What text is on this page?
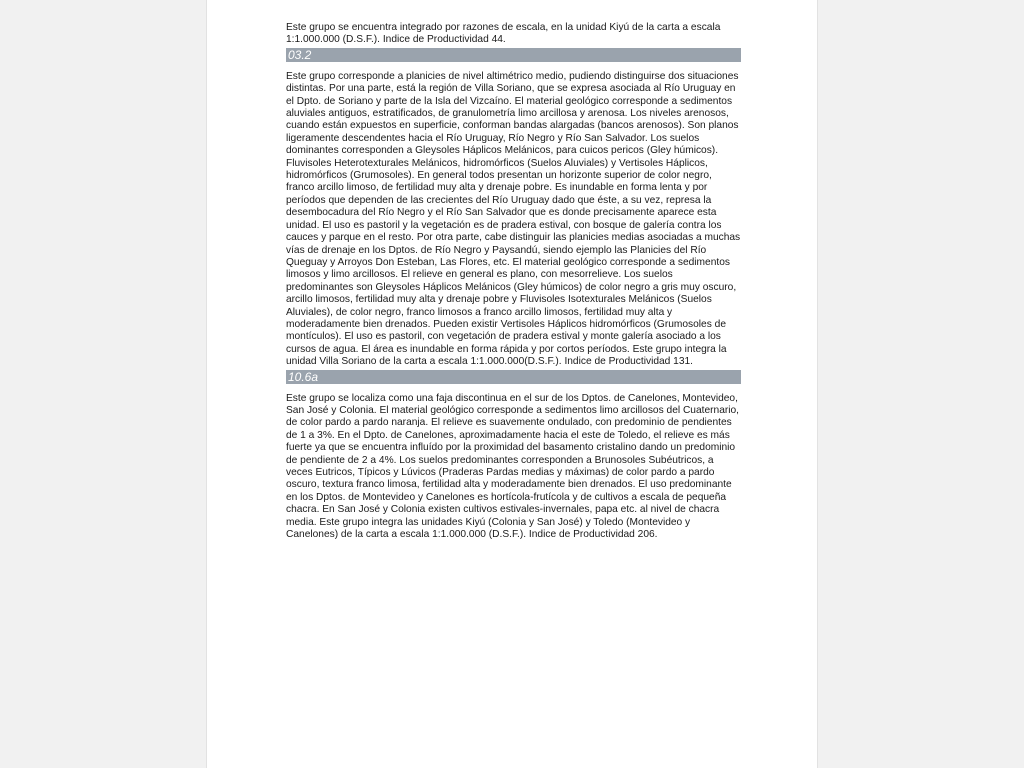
Este grupo se encuentra integrado por razones de escala, en la unidad Kiyú de la carta a escala 1:1.000.000 (D.S.F.). Indice de Productividad 44.

03.2

Este grupo corresponde a planicies de nivel altimétrico medio, pudiendo distinguirse dos situaciones distintas. Por una parte, está la región de Villa Soriano, que se expresa asociada al Río Uruguay en el Dpto. de Soriano y parte de la Isla del Vizcaíno. El material geológico corresponde a sedimentos aluviales antiguos, estratificados, de granulometría limo arcillosa y arenosa. Los niveles arenosos, cuando están expuestos en superficie, conforman bandas alargadas (bancos arenosos). Son planos ligeramente descendentes hacia el Río Uruguay, Río Negro y Río San Salvador. Los suelos dominantes corresponden a Gleysoles Háplicos Melánicos, para cuicos pericos (Gley húmicos). Fluvisoles Heterotexturales Melánicos, hidromórficos (Suelos Aluviales) y Vertisoles Háplicos, hidromórficos (Grumosoles). En general todos presentan un horizonte superior de color negro, franco arcillo limoso, de fertilidad muy alta y drenaje pobre. Es inundable en forma lenta y por períodos que dependen de las crecientes del Río Uruguay dado que éste, a su vez, represa la desembocadura del Río Negro y el Río San Salvador que es donde precisamente aparece esta unidad. El uso es pastoril y la vegetación es de pradera estival, con bosque de galería contra los cauces y parque en el resto. Por otra parte, cabe distinguir las planicies medias asociadas a muchas vías de drenaje en los Dptos. de Río Negro y Paysandú, siendo ejemplo las Planicies del Río Queguay y Arroyos Don Esteban, Las Flores, etc. El material geológico corresponde a sedimentos limosos y limo arcillosos. El relieve en general es plano, con mesorrelieve. Los suelos predominantes son Gleysoles Háplicos Melánicos (Gley húmicos) de color negro a gris muy oscuro, arcillo limosos, fertilidad muy alta y drenaje pobre y Fluvisoles Isotexturales Melánicos (Suelos Aluviales), de color negro, franco limosos a franco arcillo limosos, fertilidad muy alta y moderadamente bien drenados. Pueden existir Vertisoles Háplicos hidromórficos (Grumosoles de montículos). El uso es pastoril, con vegetación de pradera estival y monte galería asociado a los cursos de agua. El área es inundable en forma rápida y por cortos períodos. Este grupo integra la unidad Villa Soriano de la carta a escala 1:1.000.000(D.S.F.). Indice de Productividad 131.

10.6a

Este grupo se localiza como una faja discontinua en el sur de los Dptos. de Canelones, Montevideo, San José y Colonia. El material geológico corresponde a sedimentos limo arcillosos del Cuaternario, de color pardo a pardo naranja. El relieve es suavemente ondulado, con predominio de pendientes de 1 a 3%. En el Dpto. de Canelones, aproximadamente hacia el este de Toledo, el relieve es más fuerte ya que se encuentra influído por la proximidad del basamento cristalino dando un predominio de pendiente de 2 a 4%. Los suelos predominantes corresponden a Brunosoles Subéutricos, a veces Eutricos, Típicos y Lúvicos (Praderas Pardas medias y máximas) de color pardo a pardo oscuro, textura franco limosa, fertilidad alta y moderadamente bien drenados. El uso predominante en los Dptos. de Montevideo y Canelones es hortícola-frutícola y de cultivos a escala de pequeña chacra. En San José y Colonia existen cultivos estivales-invernales, papa etc. al nivel de chacra media. Este grupo integra las unidades Kiyú (Colonia y San José) y Toledo (Montevideo y Canelones) de la carta a escala 1:1.000.000 (D.S.F.). Indice de Productividad 206.
